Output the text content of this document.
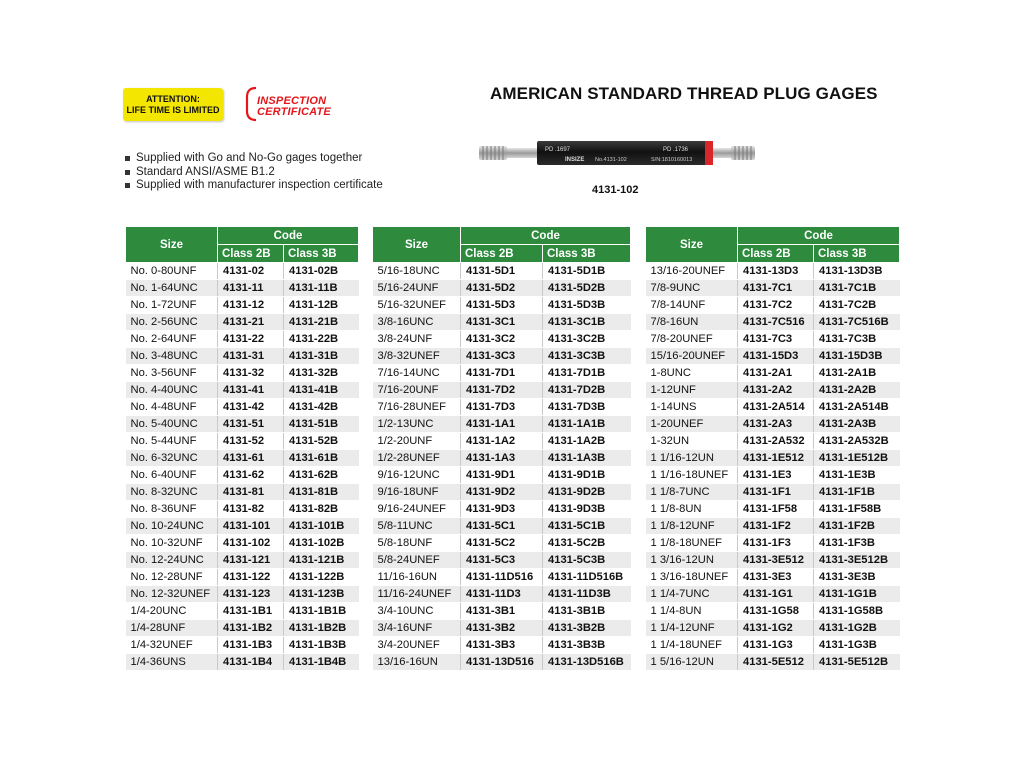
ATTENTION:
LIFE TIME IS LIMITED
INSPECTION
CERTIFICATE
AMERICAN STANDARD THREAD PLUG GAGES
Supplied with Go and No-Go gages together
Standard ANSI/ASME B1.2
Supplied with manufacturer inspection certificate
PD .1697
INSIZE No.4131-102
PD .1736
S/N:1810160013
4131-102
Size	Code	
	Class 2B	Class 3B
No. 0-80UNF	4131-02	4131-02B
No. 1-64UNC	4131-11	4131-11B
No. 1-72UNF	4131-12	4131-12B
No. 2-56UNC	4131-21	4131-21B
No. 2-64UNF	4131-22	4131-22B
No. 3-48UNC	4131-31	4131-31B
No. 3-56UNF	4131-32	4131-32B
No. 4-40UNC	4131-41	4131-41B
No. 4-48UNF	4131-42	4131-42B
No. 5-40UNC	4131-51	4131-51B
No. 5-44UNF	4131-52	4131-52B
No. 6-32UNC	4131-61	4131-61B
No. 6-40UNF	4131-62	4131-62B
No. 8-32UNC	4131-81	4131-81B
No. 8-36UNF	4131-82	4131-82B
No. 10-24UNC	4131-101	4131-101B
No. 10-32UNF	4131-102	4131-102B
No. 12-24UNC	4131-121	4131-121B
No. 12-28UNF	4131-122	4131-122B
No. 12-32UNEF	4131-123	4131-123B
1/4-20UNC	4131-1B1	4131-1B1B
1/4-28UNF	4131-1B2	4131-1B2B
1/4-32UNEF	4131-1B3	4131-1B3B
1/4-36UNS	4131-1B4	4131-1B4B
Size	Code	
	Class 2B	Class 3B
5/16-18UNC	4131-5D1	4131-5D1B
5/16-24UNF	4131-5D2	4131-5D2B
5/16-32UNEF	4131-5D3	4131-5D3B
3/8-16UNC	4131-3C1	4131-3C1B
3/8-24UNF	4131-3C2	4131-3C2B
3/8-32UNEF	4131-3C3	4131-3C3B
7/16-14UNC	4131-7D1	4131-7D1B
7/16-20UNF	4131-7D2	4131-7D2B
7/16-28UNEF	4131-7D3	4131-7D3B
1/2-13UNC	4131-1A1	4131-1A1B
1/2-20UNF	4131-1A2	4131-1A2B
1/2-28UNEF	4131-1A3	4131-1A3B
9/16-12UNC	4131-9D1	4131-9D1B
9/16-18UNF	4131-9D2	4131-9D2B
9/16-24UNEF	4131-9D3	4131-9D3B
5/8-11UNC	4131-5C1	4131-5C1B
5/8-18UNF	4131-5C2	4131-5C2B
5/8-24UNEF	4131-5C3	4131-5C3B
11/16-16UN	4131-11D516	4131-11D516B
11/16-24UNEF	4131-11D3	4131-11D3B
3/4-10UNC	4131-3B1	4131-3B1B
3/4-16UNF	4131-3B2	4131-3B2B
3/4-20UNEF	4131-3B3	4131-3B3B
13/16-16UN	4131-13D516	4131-13D516B
Size	Code	
	Class 2B	Class 3B
13/16-20UNEF	4131-13D3	4131-13D3B
7/8-9UNC	4131-7C1	4131-7C1B
7/8-14UNF	4131-7C2	4131-7C2B
7/8-16UN	4131-7C516	4131-7C516B
7/8-20UNEF	4131-7C3	4131-7C3B
15/16-20UNEF	4131-15D3	4131-15D3B
1-8UNC	4131-2A1	4131-2A1B
1-12UNF	4131-2A2	4131-2A2B
1-14UNS	4131-2A514	4131-2A514B
1-20UNEF	4131-2A3	4131-2A3B
1-32UN	4131-2A532	4131-2A532B
1 1/16-12UN	4131-1E512	4131-1E512B
1 1/16-18UNEF	4131-1E3	4131-1E3B
1 1/8-7UNC	4131-1F1	4131-1F1B
1 1/8-8UN	4131-1F58	4131-1F58B
1 1/8-12UNF	4131-1F2	4131-1F2B
1 1/8-18UNEF	4131-1F3	4131-1F3B
1 3/16-12UN	4131-3E512	4131-3E512B
1 3/16-18UNEF	4131-3E3	4131-3E3B
1 1/4-7UNC	4131-1G1	4131-1G1B
1 1/4-8UN	4131-1G58	4131-1G58B
1 1/4-12UNF	4131-1G2	4131-1G2B
1 1/4-18UNEF	4131-1G3	4131-1G3B
1 5/16-12UN	4131-5E512	4131-5E512B
